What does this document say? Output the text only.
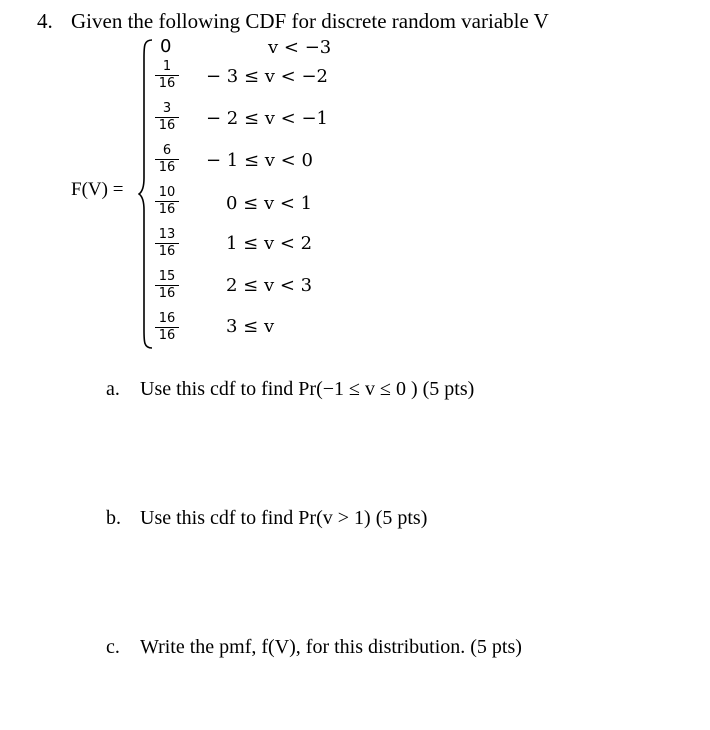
4. Given the following CDF for discrete random variable V
F(V) =
0	v < −3
1
16
3
16
6
16
10
16
13
16
15
16
16
16
− 3 ≤ v < −2
− 2 ≤ v < −1
− 1 ≤ v < 0
0 ≤ v < 1
1 ≤ v < 2
2 ≤ v < 3
3 ≤ v
a. Use this cdf to find Pr(−1 ≤ v ≤ 0 ) (5 pts)
b. Use this cdf to find Pr(v > 1) (5 pts)
c. Write the pmf, f(V), for this distribution. (5 pts)
